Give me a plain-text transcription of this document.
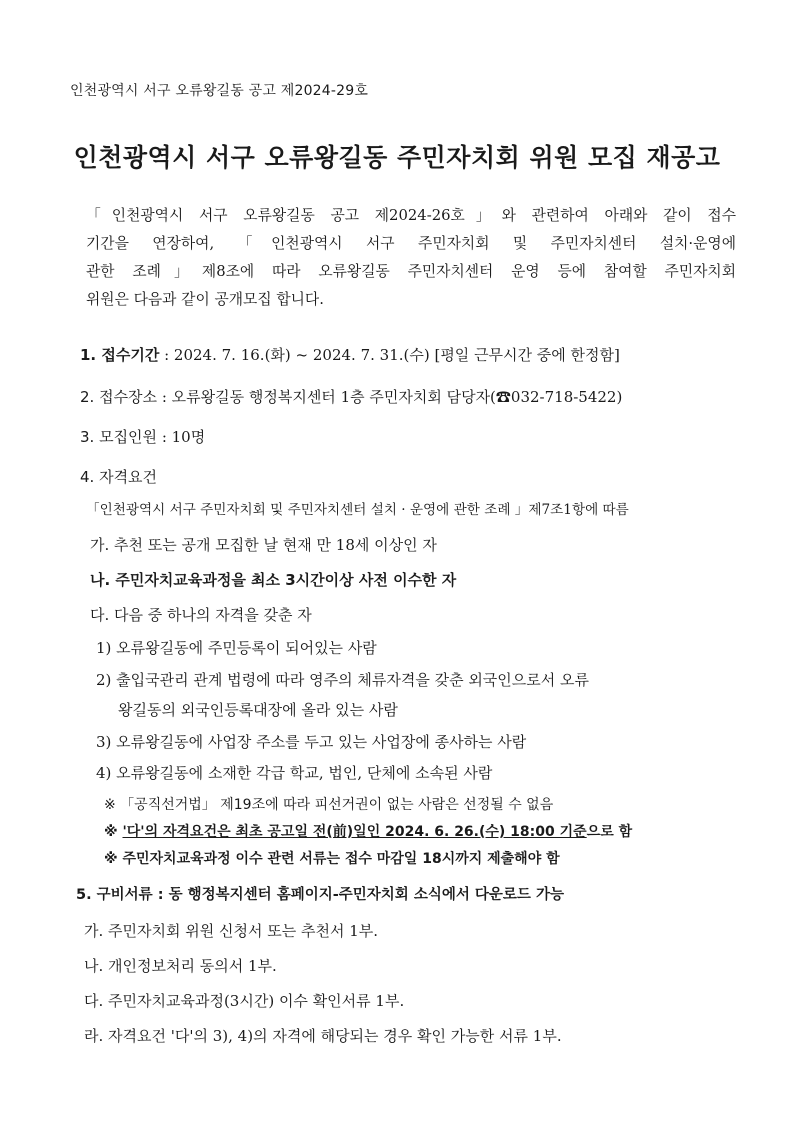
인천광역시 서구 오류왕길동 공고 제2024-29호
인천광역시 서구 오류왕길동 주민자치회 위원 모집 재공고
「인천광역시 서구 오류왕길동 공고 제2024-26호」와 관련하여 아래와 같이 접수
기간을 연장하여, 「인천광역시 서구 주민자치회 및 주민자치센터 설치·운영에
관한 조례」제8조에 따라 오류왕길동 주민자치센터 운영 등에 참여할 주민자치회
위원은 다음과 같이 공개모집 합니다.
1. 접수기간 : 2024. 7. 16.(화) ~ 2024. 7. 31.(수) [평일 근무시간 중에 한정함]
2. 접수장소 : 오류왕길동 행정복지센터 1층 주민자치회 담당자(☎032-718-5422)
3. 모집인원 : 10명
4. 자격요건
「인천광역시 서구 주민자치회 및 주민자치센터 설치 · 운영에 관한 조례 」제7조1항에 따름
가. 추천 또는 공개 모집한 날 현재 만 18세 이상인 자
나. 주민자치교육과정을 최소 3시간이상 사전 이수한 자
다. 다음 중 하나의 자격을 갖춘 자
1) 오류왕길동에 주민등록이 되어있는 사람
2) 출입국관리 관계 법령에 따라 영주의 체류자격을 갖춘 외국인으로서 오류
왕길동의 외국인등록대장에 올라 있는 사람
3) 오류왕길동에 사업장 주소를 두고 있는 사업장에 종사하는 사람
4) 오류왕길동에 소재한 각급 학교, 법인, 단체에 소속된 사람
※ 「공직선거법」 제19조에 따라 피선거권이 없는 사람은 선정될 수 없음
※ '다'의 자격요건은 최초 공고일 전(前)일인 2024. 6. 26.(수) 18:00 기준으로 함
※ 주민자치교육과정 이수 관련 서류는 접수 마감일 18시까지 제출해야 함
5. 구비서류 : 동 행정복지센터 홈페이지-주민자치회 소식에서 다운로드 가능
가. 주민자치회 위원 신청서 또는 추천서 1부.
나. 개인정보처리 동의서 1부.
다. 주민자치교육과정(3시간) 이수 확인서류 1부.
라. 자격요건 '다'의 3), 4)의 자격에 해당되는 경우 확인 가능한 서류 1부.
